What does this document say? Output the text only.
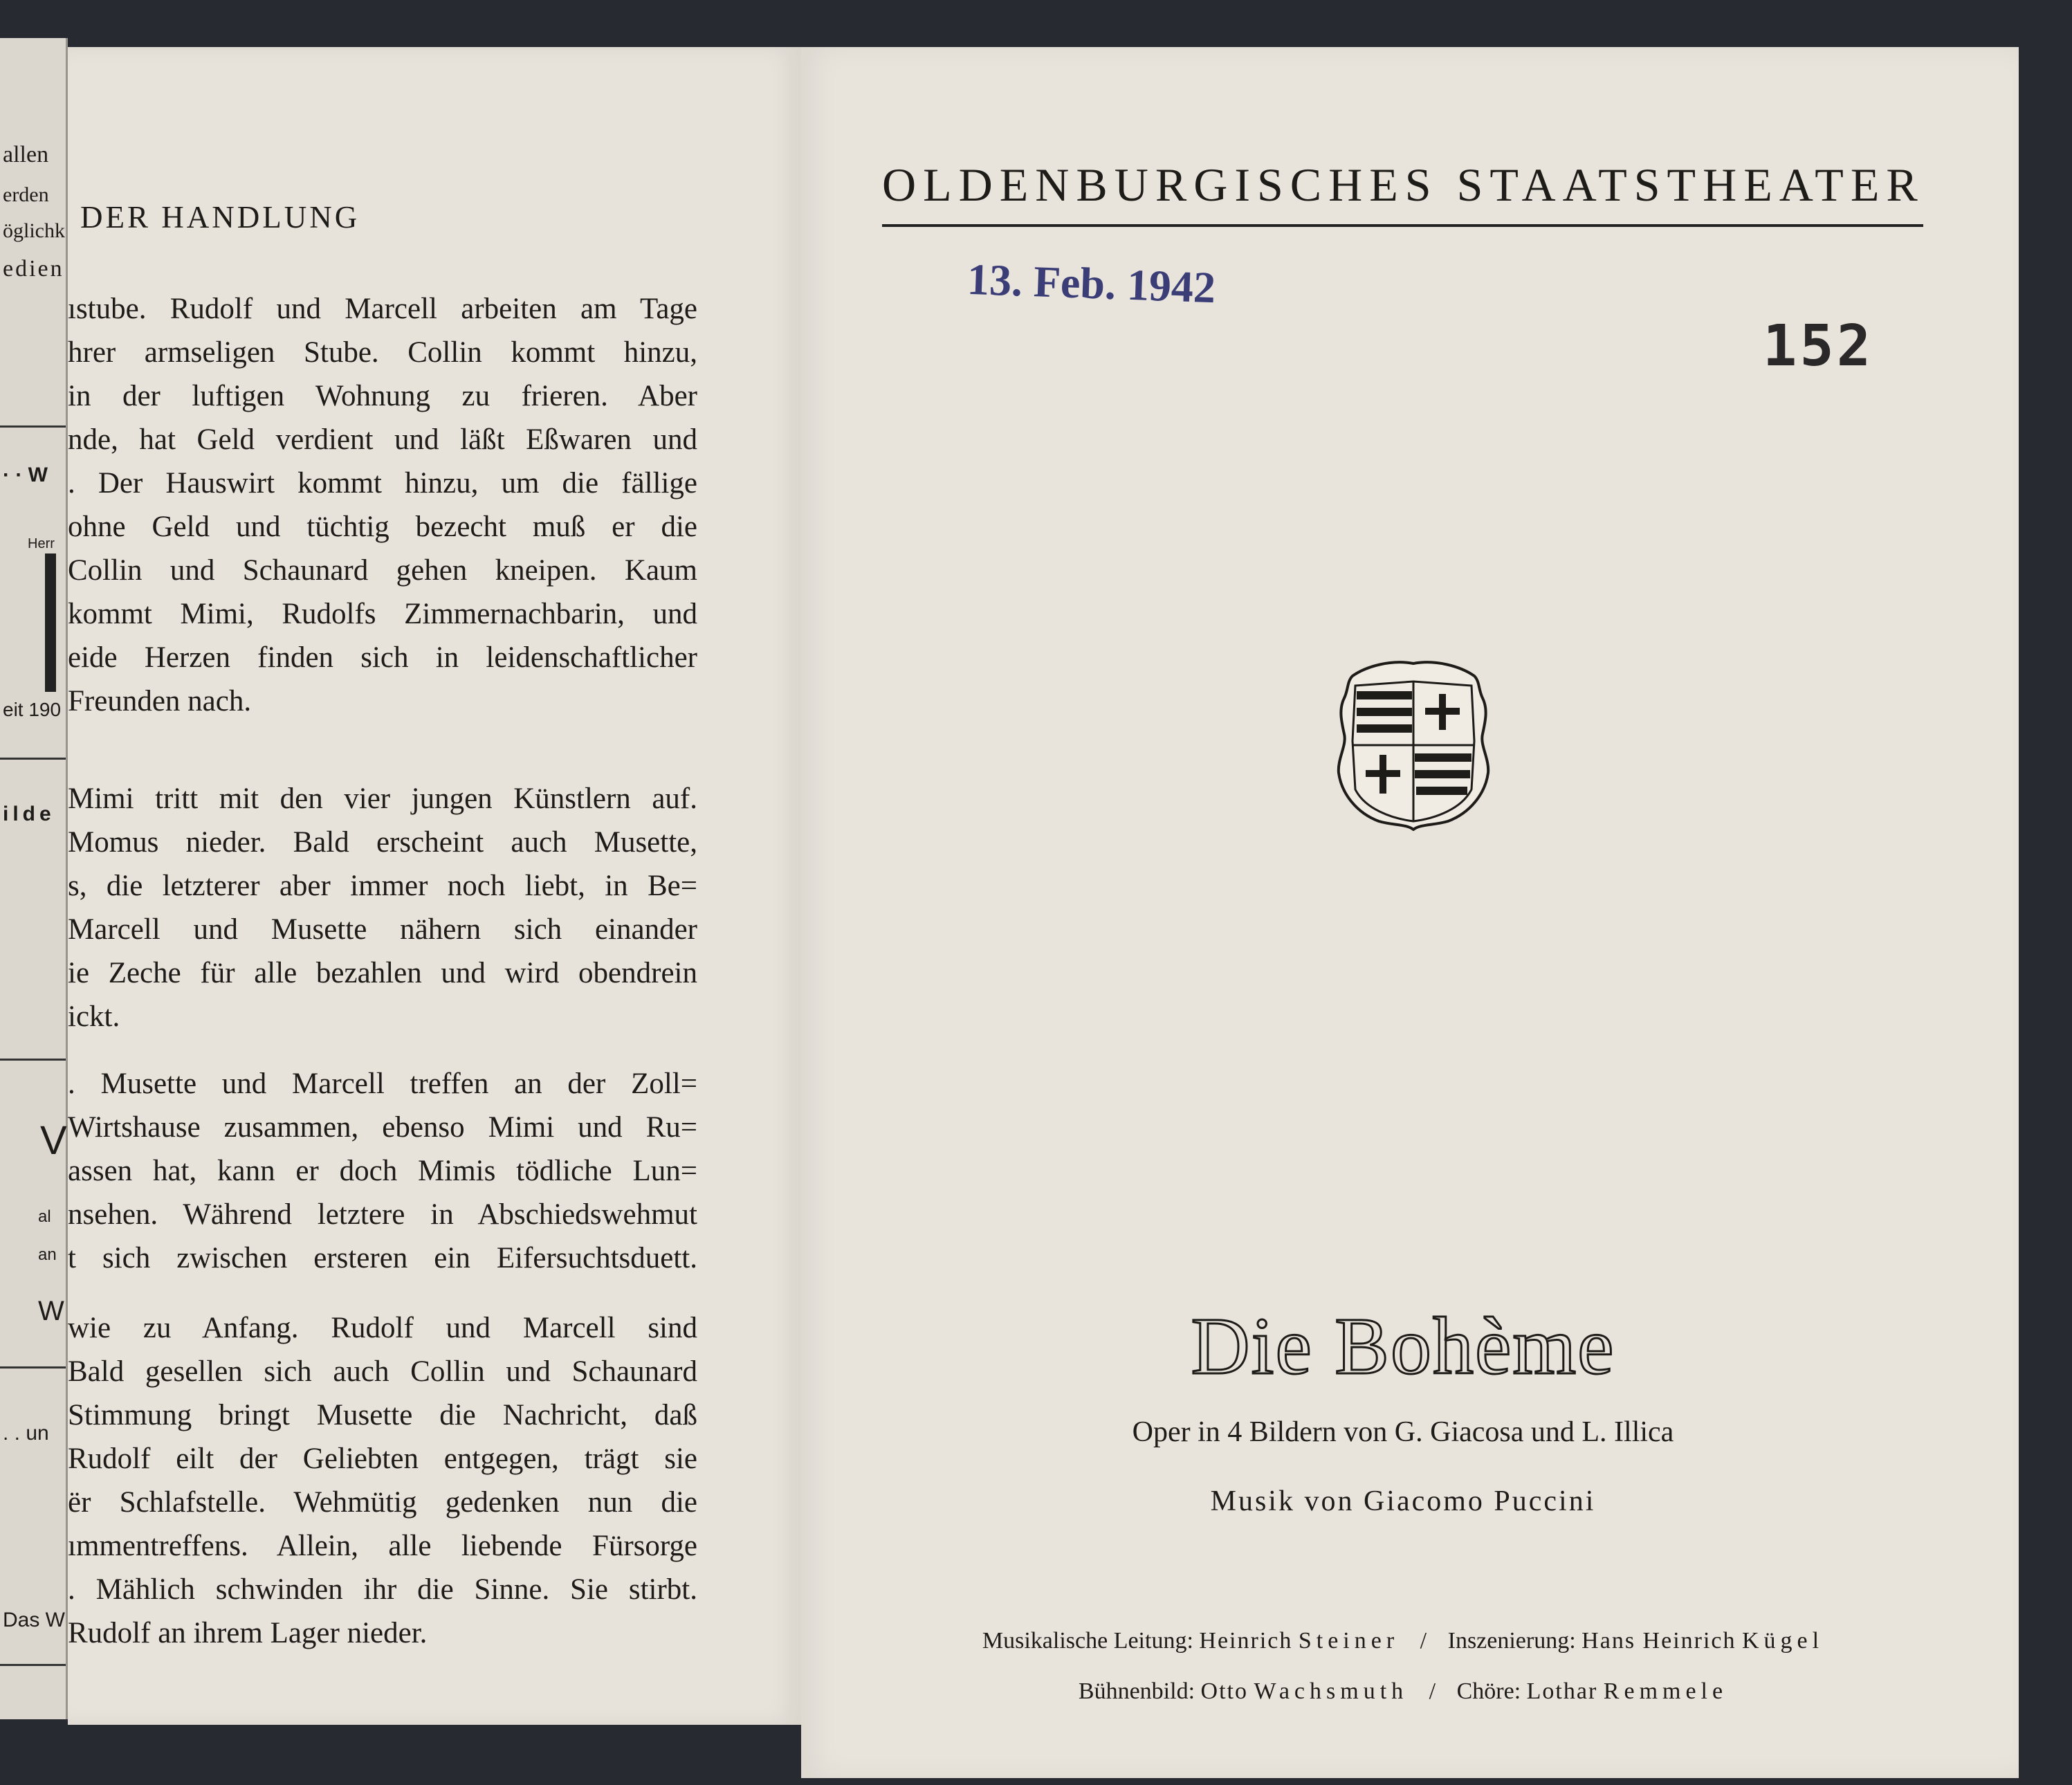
allen
erden
öglichk
edien
· · W
Herr
eit 190
ilde
V
al
an
W
. . un
Das W
DER HANDLUNG
ıstube. Rudolf und Marcell arbeiten am Tage
hrer armseligen Stube. Collin kommt hinzu,
in der luftigen Wohnung zu frieren. Aber
nde, hat Geld verdient und läßt Eßwaren und
. Der Hauswirt kommt hinzu, um die fällige
ohne Geld und tüchtig bezecht muß er die
Collin und Schaunard gehen kneipen. Kaum
kommt Mimi, Rudolfs Zimmernachbarin, und
eide Herzen finden sich in leidenschaftlicher
Freunden nach.
Mimi tritt mit den vier jungen Künstlern auf.
Momus nieder. Bald erscheint auch Musette,
s, die letzterer aber immer noch liebt, in Be=
Marcell und Musette nähern sich einander
ie Zeche für alle bezahlen und wird obendrein
ickt.
. Musette und Marcell treffen an der Zoll=
Wirtshause zusammen, ebenso Mimi und Ru=
assen hat, kann er doch Mimis tödliche Lun=
nsehen. Während letztere in Abschiedswehmut
t sich zwischen ersteren ein Eifersuchtsduett.
wie zu Anfang. Rudolf und Marcell sind
Bald gesellen sich auch Collin und Schaunard
Stimmung bringt Musette die Nachricht, daß
Rudolf eilt der Geliebten entgegen, trägt sie
ër Schlafstelle. Wehmütig gedenken nun die
ımmentreffens. Allein, alle liebende Fürsorge
. Mählich schwinden ihr die Sinne. Sie stirbt.
Rudolf an ihrem Lager nieder.
OLDENBURGISCHES STAATSTHEATER
13. Feb. 1942
152
Die Bohème
Oper in 4 Bildern von G. Giacosa und L. Illica
Musik von Giacomo Puccini
Musikalische Leitung: Heinrich Steiner / Inszenierung: Hans Heinrich Kügel
Bühnenbild: Otto Wachsmuth / Chöre: Lothar Remmele
